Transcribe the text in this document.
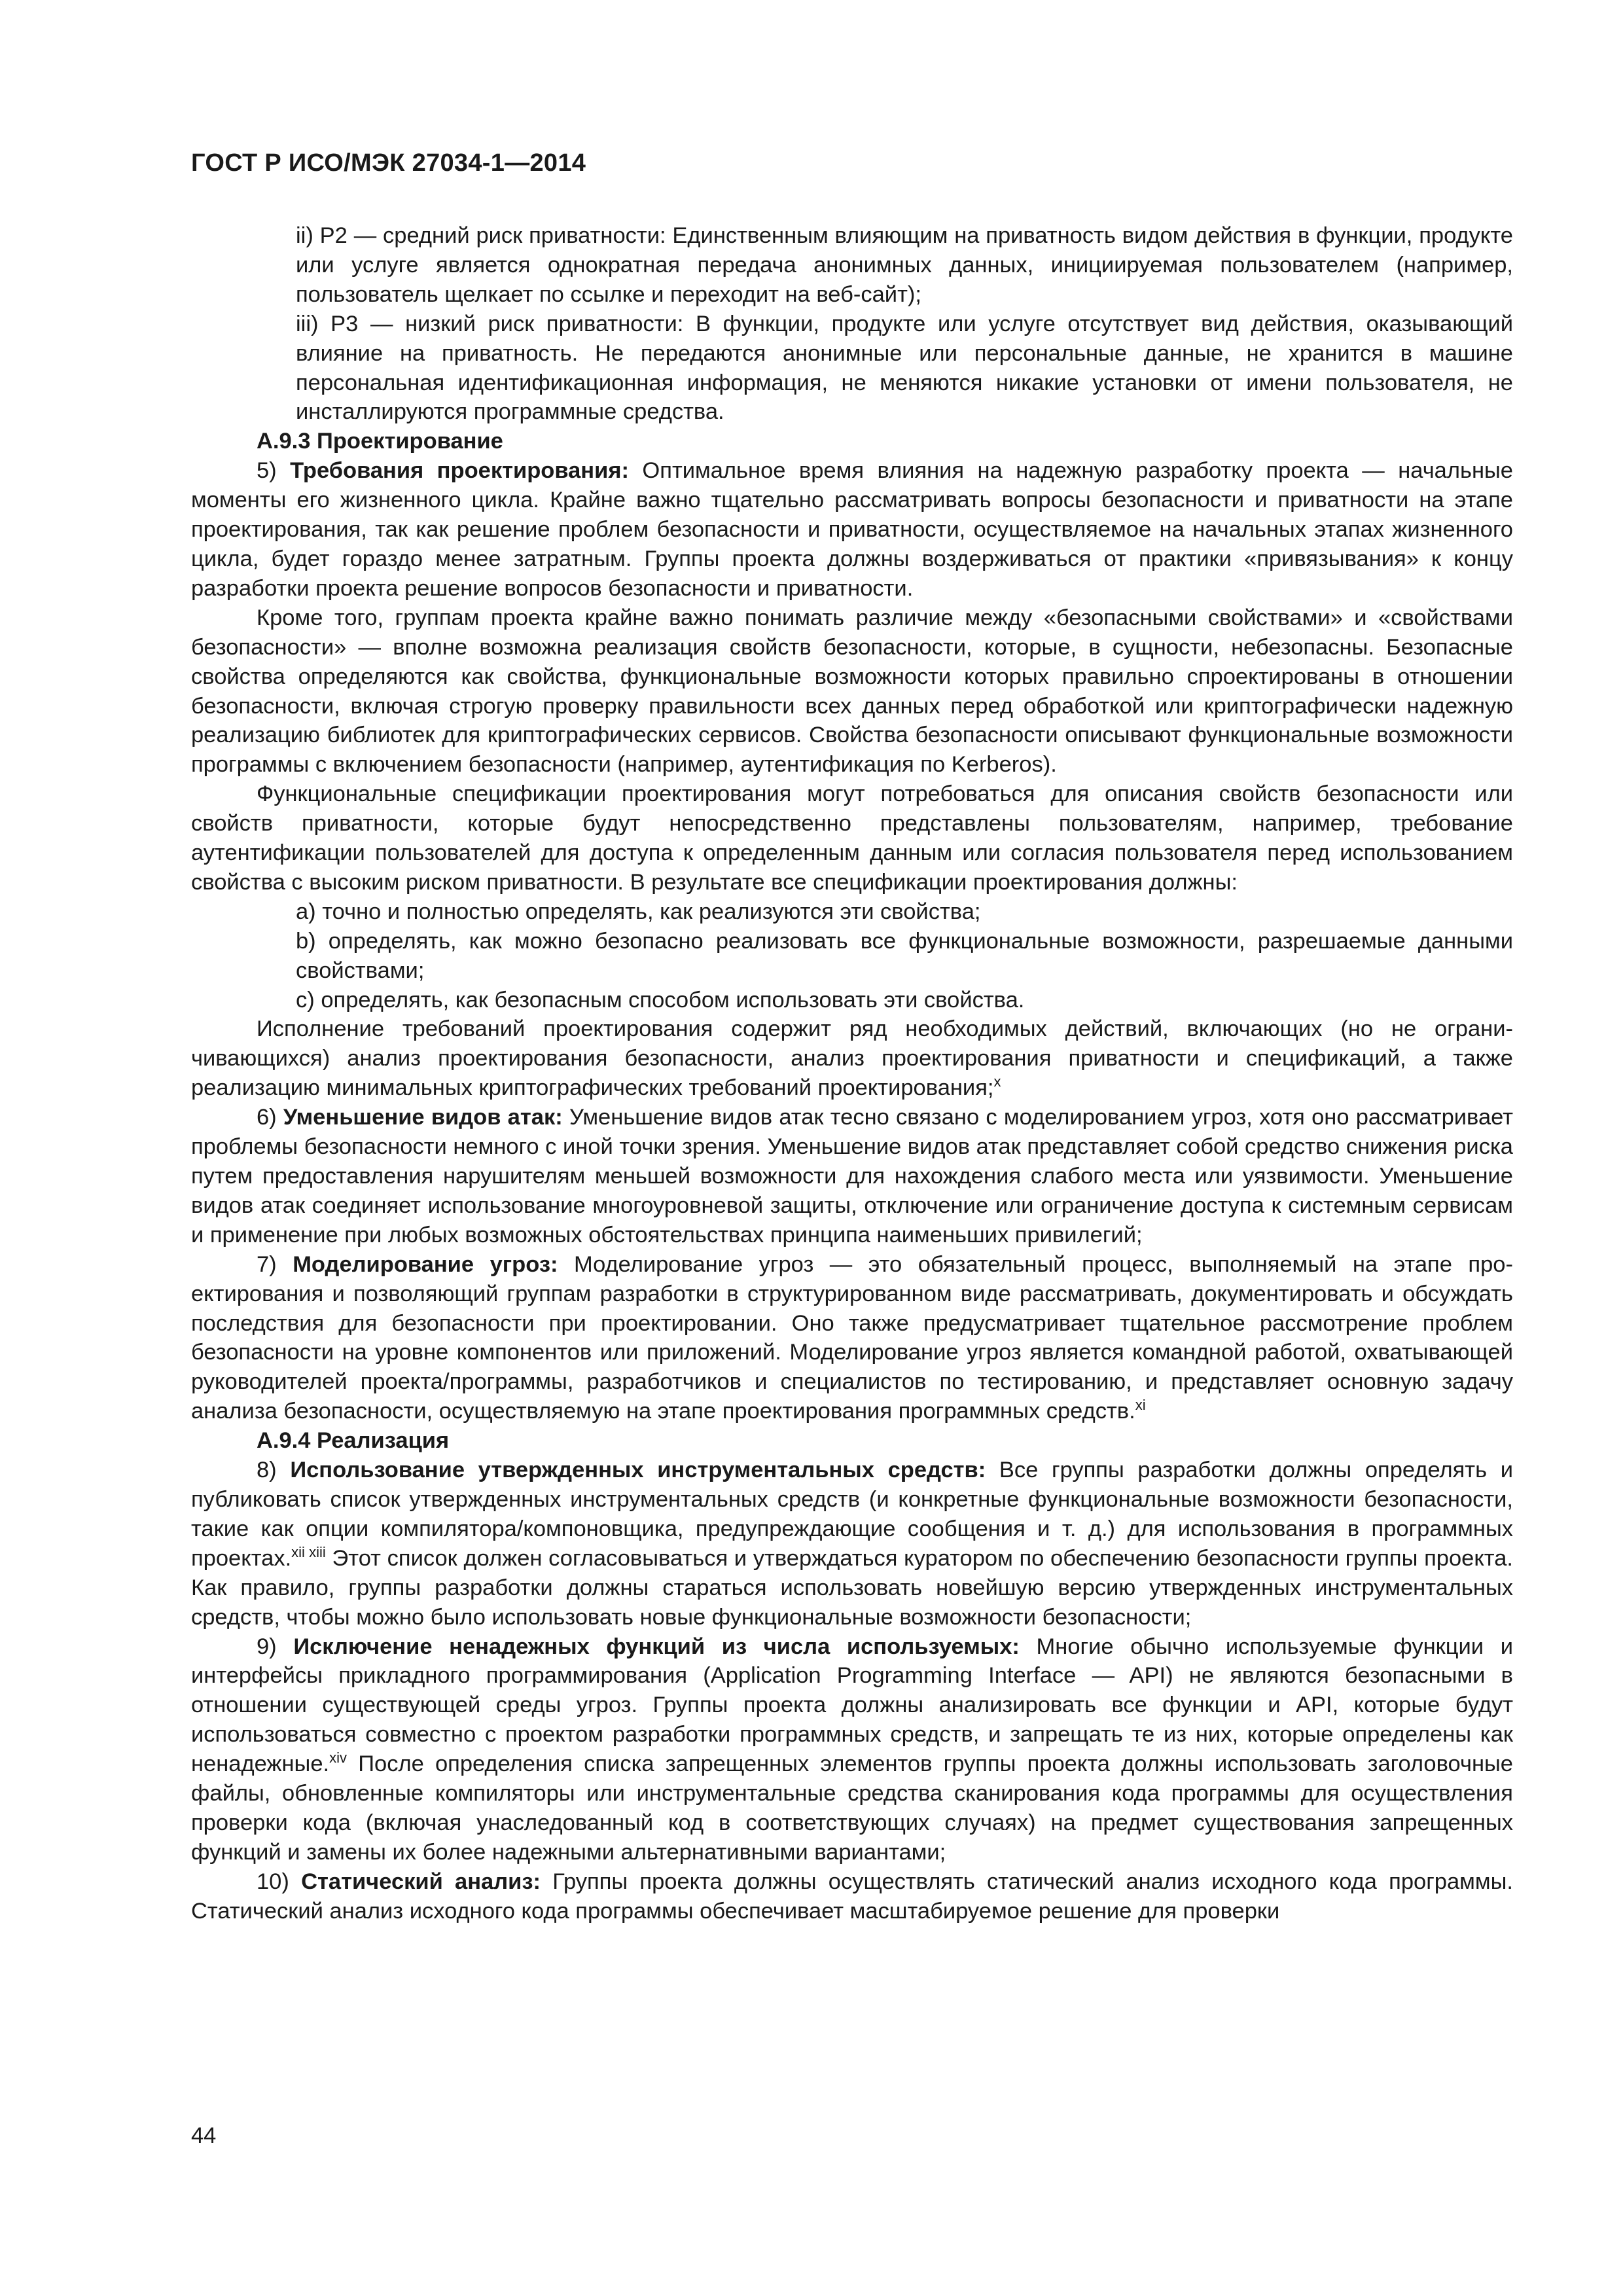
ГОСТ Р ИСО/МЭК 27034-1—2014

ii) P2 — средний риск приватности: Единственным влияющим на приватность видом действия в функции, продукте или услуге является однократная передача анонимных данных, инициируемая пользователем (например, пользователь щелкает по ссылке и переходит на веб-сайт);

iii) P3 — низкий риск приватности: В функции, продукте или услуге отсутствует вид действия, оказывающий влияние на приватность. Не передаются анонимные или персональные данные, не хранится в машине персональная идентификационная информация, не меняются никакие установки от имени пользователя, не инсталлируются программные средства.

A.9.3 Проектирование

5) Требования проектирования: Оптимальное время влияния на надежную разработку проекта — начальные моменты его жизненного цикла. Крайне важно тщательно рассматривать вопросы безопасности и приватности на этапе проектирования, так как решение проблем безопасности и приватности, осуществляемое на начальных этапах жизненного цикла, будет гораздо менее затратным. Группы проекта должны воздерживаться от практики «привязывания» к концу разработки проекта решение вопросов безопасности и приватности.

Кроме того, группам проекта крайне важно понимать различие между «безопасными свойствами» и «свойствами безопасности» — вполне возможна реализация свойств безопасности, которые, в сущности, небезопасны. Безопасные свойства определяются как свойства, функциональные возможности которых правильно спроектированы в отношении безопасности, включая строгую проверку правильности всех данных перед обработкой или криптографически надежную реализацию библиотек для криптографических сервисов. Свойства безопасности описывают функциональные возможности программы с включением безопасности (например, аутентификация по Kerberos).

Функциональные спецификации проектирования могут потребоваться для описания свойств безопасности или свойств приватности, которые будут непосредственно представлены пользователям, например, требование аутентификации пользователей для доступа к определенным данным или согласия пользователя перед использованием свойства с высоким риском приватности. В результате все спецификации проектирования должны:

a) точно и полностью определять, как реализуются эти свойства;

b) определять, как можно безопасно реализовать все функциональные возможности, разрешаемые данными свойствами;

c) определять, как безопасным способом использовать эти свойства.

Исполнение требований проектирования содержит ряд необходимых действий, включающих (но не ограничивающихся) анализ проектирования безопасности, анализ проектирования приватности и спецификаций, а также реализацию минимальных криптографических требований проектирования;$^x$

6) Уменьшение видов атак: Уменьшение видов атак тесно связано с моделированием угроз, хотя оно рассматривает проблемы безопасности немного с иной точки зрения. Уменьшение видов атак представляет собой средство снижения риска путем предоставления нарушителям меньшей возможности для нахождения слабого места или уязвимости. Уменьшение видов атак соединяет использование многоуровневой защиты, отключение или ограничение доступа к системным сервисам и применение при любых возможных обстоятельствах принципа наименьших привилегий;

7) Моделирование угроз: Моделирование угроз — это обязательный процесс, выполняемый на этапе проектирования и позволяющий группам разработки в структурированном виде рассматривать, документировать и обсуждать последствия для безопасности при проектировании. Оно также предусматривает тщательное рассмотрение проблем безопасности на уровне компонентов или приложений. Моделирование угроз является командной работой, охватывающей руководителей проекта/программы, разработчиков и специалистов по тестированию, и представляет основную задачу анализа безопасности, осуществляемую на этапе проектирования программных средств.$^{xi}$

A.9.4 Реализация

8) Использование утвержденных инструментальных средств: Все группы разработки должны определять и публиковать список утвержденных инструментальных средств (и конкретные функциональные возможности безопасности, такие как опции компилятора/компоновщика, предупреждающие сообщения и т. д.) для использования в программных проектах.$^{xii xiii}$ Этот список должен согласовываться и утверждаться куратором по обеспечению безопасности группы проекта. Как правило, группы разработки должны стараться использовать новейшую версию утвержденных инструментальных средств, чтобы можно было использовать новые функциональные возможности безопасности;

9) Исключение ненадежных функций из числа используемых: Многие обычно используемые функции и интерфейсы прикладного программирования (Application Programming Interface — API) не являются безопасными в отношении существующей среды угроз. Группы проекта должны анализировать все функции и API, которые будут использоваться совместно с проектом разработки программных средств, и запрещать те из них, которые определены как ненадежные.$^{xiv}$ После определения списка запрещенных элементов группы проекта должны использовать заголовочные файлы, обновленные компиляторы или инструментальные средства сканирования кода программы для осуществления проверки кода (включая унаследованный код в соответствующих случаях) на предмет существования запрещенных функций и замены их более надежными альтернативными вариантами;

10) Статический анализ: Группы проекта должны осуществлять статический анализ исходного кода программы. Статический анализ исходного кода программы обеспечивает масштабируемое решение для проверки

44
